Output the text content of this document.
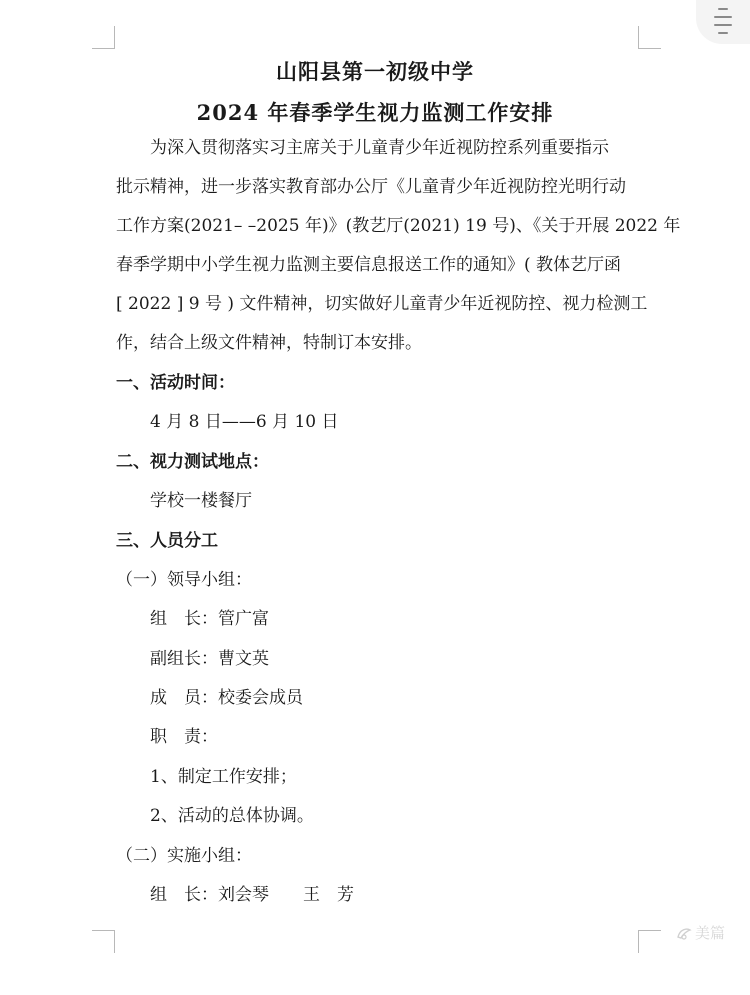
山阳县第一初级中学
2024 年春季学生视力监测工作安排
为深入贯彻落实习主席关于儿童青少年近视防控系列重要指示
批示精神，进一步落实教育部办公厅《儿童青少年近视防控光明行动
工作方案(2021– –2025 年)》(教艺厅(2021) 19 号)、《关于开展 2022 年
春季学期中小学生视力监测主要信息报送工作的通知》( 教体艺厅函
[ 2022 ] 9 号 ) 文件精神，切实做好儿童青少年近视防控、视力检测工
作，结合上级文件精神，特制订本安排。
一、活动时间：
4 月 8 日——6 月 10 日
二、视力测试地点：
学校一楼餐厅
三、人员分工
（一）领导小组：
组　长：管广富
副组长：曹文英
成　员：校委会成员
职　责：
1、制定工作安排；
2、活动的总体协调。
（二）实施小组：
组　长：刘会琴　　王　芳
美篇
